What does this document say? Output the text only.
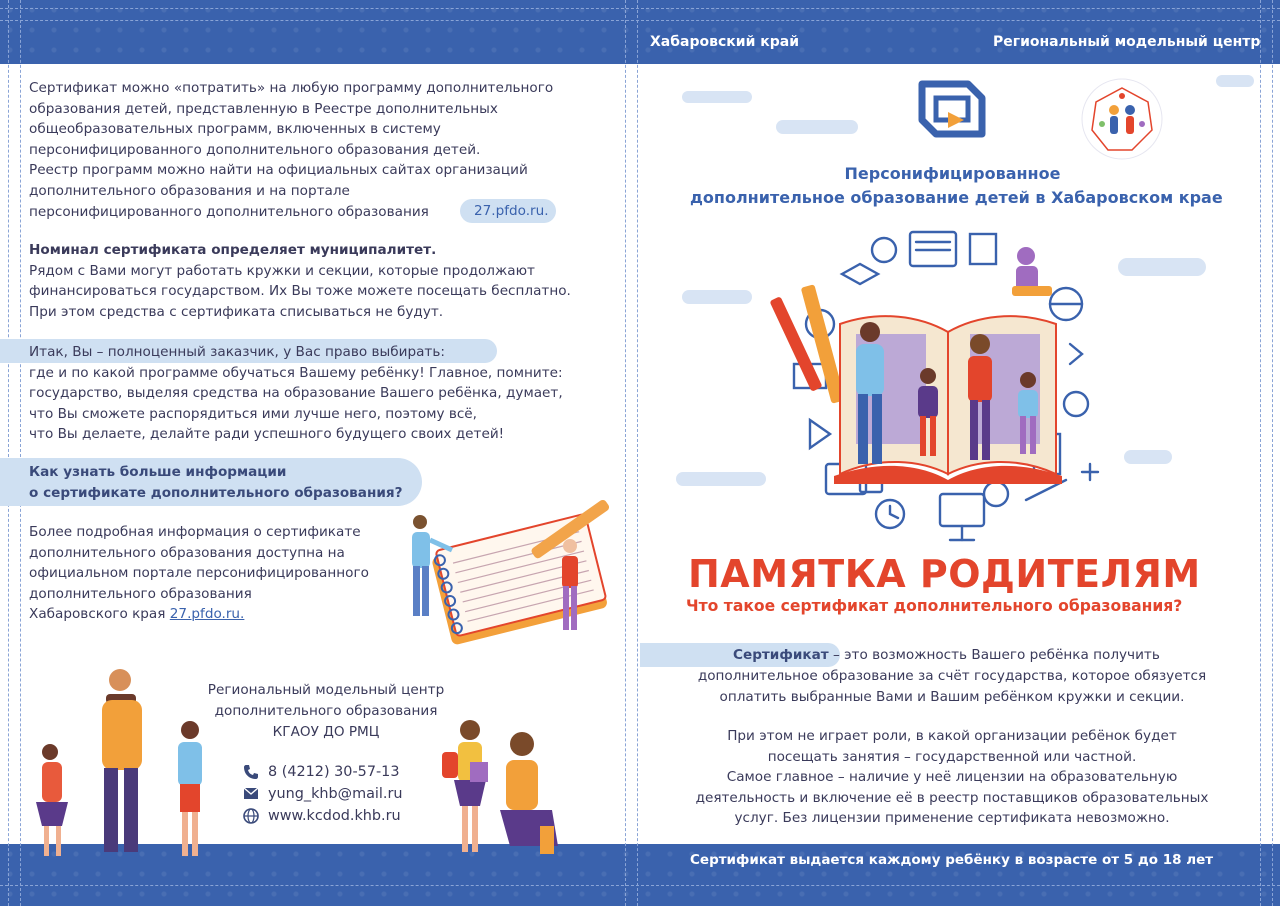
Хабаровский край	Региональный модельный центр
Сертификат выдается каждому ребёнку в возрасте от 5 до 18 лет
Сертификат можно «потратить» на любую программу дополнительного
образования детей, представленную в Реестре дополнительных
общеобразовательных программ, включенных в систему
персонифицированного дополнительного образования детей.
Реестр программ можно найти на официальных сайтах организаций
дополнительного образования и на портале
персонифицированного дополнительного образования	27.pfdo.ru.
Номинал сертификата определяет муниципалитет.
Рядом с Вами могут работать кружки и секции, которые продолжают
финансироваться государством. Их Вы тоже можете посещать бесплатно.
При этом средства с сертификата списываться не будут.
Итак, Вы – полноценный заказчик, у Вас право выбирать:
где и по какой программе обучаться Вашему ребёнку! Главное, помните:
государство, выделяя средства на образование Вашего ребёнка, думает,
что Вы сможете распорядиться ими лучше него, поэтому всё,
что Вы делаете, делайте ради успешного будущего своих детей!
Как узнать больше информации
о сертификате дополнительного образования?
Более подробная информация о сертификате
дополнительного образования доступна на
официальном портале персонифицированного
дополнительного образования
Хабаровского края 27.pfdo.ru.
Региональный модельный центр
дополнительного образования
КГАОУ ДО РМЦ
8 (4212) 30-57-13
yung_khb@mail.ru
www.kcdod.khb.ru
Персонифицированное
дополнительное образование детей в Хабаровском крае
ПАМЯТКА РОДИТЕЛЯМ
Что такое сертификат дополнительного образования?
Сертификат – это возможность Вашего ребёнка получить
дополнительное образование за счёт государства, которое обязуется
оплатить выбранные Вами и Вашим ребёнком кружки и секции.
При этом не играет роли, в какой организации ребёнок будет
посещать занятия – государственной или частной.
Самое главное – наличие у неё лицензии на образовательную
деятельность и включение её в реестр поставщиков образовательных
услуг. Без лицензии применение сертификата невозможно.
